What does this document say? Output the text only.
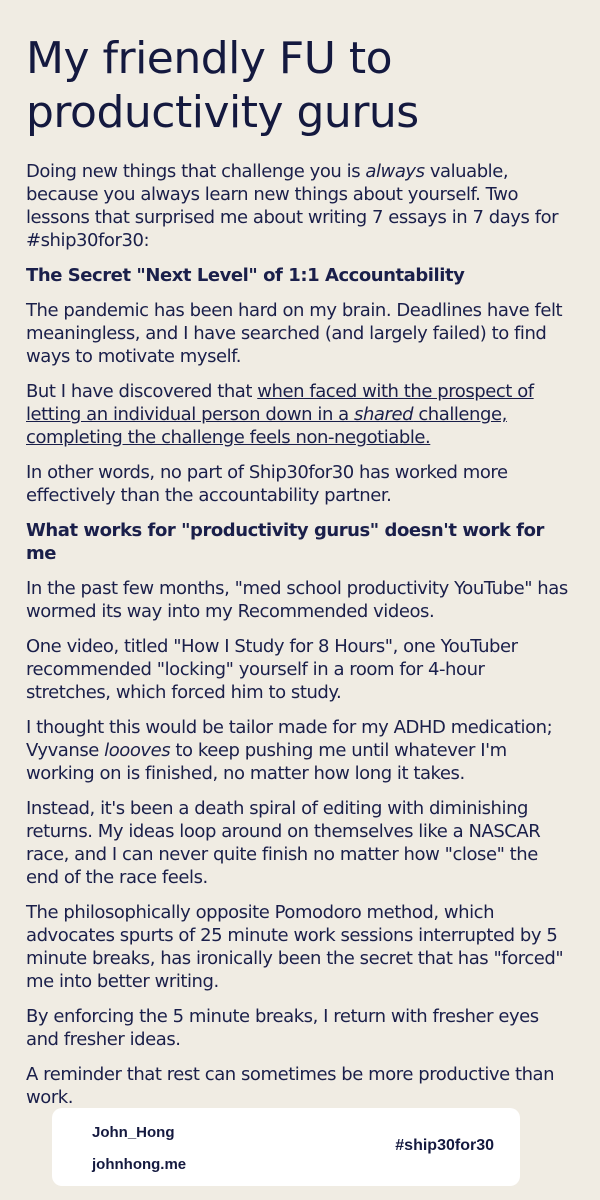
My friendly FU to productivity gurus

Doing new things that challenge you is always valuable, because you always learn new things about yourself. Two lessons that surprised me about writing 7 essays in 7 days for #ship30for30:

The Secret "Next Level" of 1:1 Accountability

The pandemic has been hard on my brain. Deadlines have felt meaningless, and I have searched (and largely failed) to find ways to motivate myself.

But I have discovered that when faced with the prospect of letting an individual person down in a shared challenge, completing the challenge feels non-negotiable.

In other words, no part of Ship30for30 has worked more effectively than the accountability partner.

What works for "productivity gurus" doesn't work for me

In the past few months, "med school productivity YouTube" has wormed its way into my Recommended videos.

One video, titled "How I Study for 8 Hours", one YouTuber recommended "locking" yourself in a room for 4-hour stretches, which forced him to study.

I thought this would be tailor made for my ADHD medication; Vyvanse loooves to keep pushing me until whatever I'm working on is finished, no matter how long it takes.

Instead, it's been a death spiral of editing with diminishing returns. My ideas loop around on themselves like a NASCAR race, and I can never quite finish no matter how "close" the end of the race feels.

The philosophically opposite Pomodoro method, which advocates spurts of 25 minute work sessions interrupted by 5 minute breaks, has ironically been the secret that has "forced" me into better writing.

By enforcing the 5 minute breaks, I return with fresher eyes and fresher ideas.

A reminder that rest can sometimes be more productive than work.

John_Hong
johnhong.me
#ship30for30
